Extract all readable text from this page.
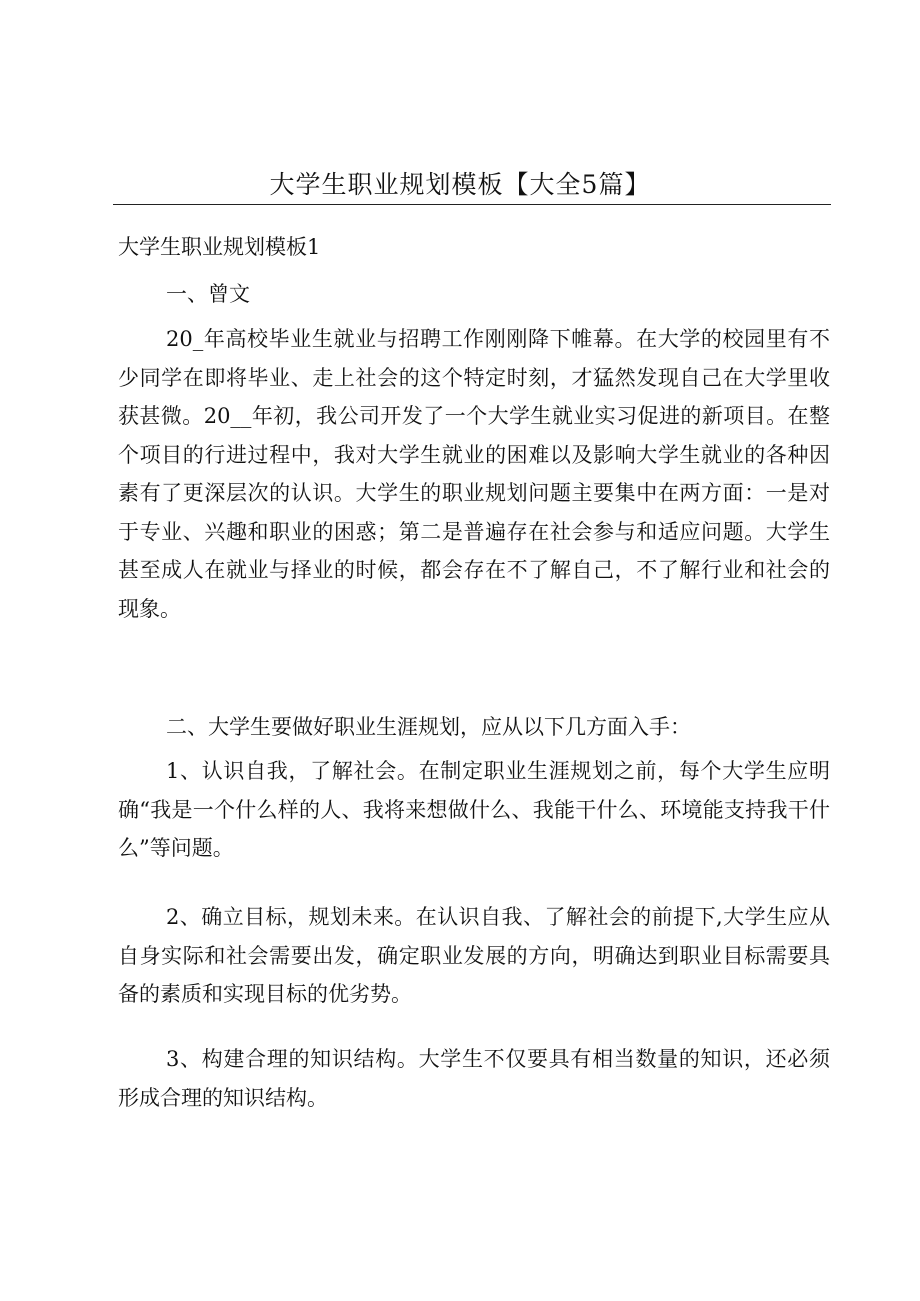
大学生职业规划模板【大全5篇】
大学生职业规划模板1

一、曾文

20_年高校毕业生就业与招聘工作刚刚降下帷幕。在大学的校园里有不少同学在即将毕业、走上社会的这个特定时刻，才猛然发现自己在大学里收获甚微。20__年初，我公司开发了一个大学生就业实习促进的新项目。在整个项目的行进过程中，我对大学生就业的困难以及影响大学生就业的各种因素有了更深层次的认识。大学生的职业规划问题主要集中在两方面：一是对于专业、兴趣和职业的困惑；第二是普遍存在社会参与和适应问题。大学生甚至成人在就业与择业的时候，都会存在不了解自己，不了解行业和社会的现象。

二、大学生要做好职业生涯规划，应从以下几方面入手：

1、认识自我，了解社会。在制定职业生涯规划之前，每个大学生应明确“我是一个什么样的人、我将来想做什么、我能干什么、环境能支持我干什么”等问题。

2、确立目标，规划未来。在认识自我、了解社会的前提下,大学生应从自身实际和社会需要出发，确定职业发展的方向，明确达到职业目标需要具备的素质和实现目标的优劣势。

3、构建合理的知识结构。大学生不仅要具有相当数量的知识，还必须形成合理的知识结构。
